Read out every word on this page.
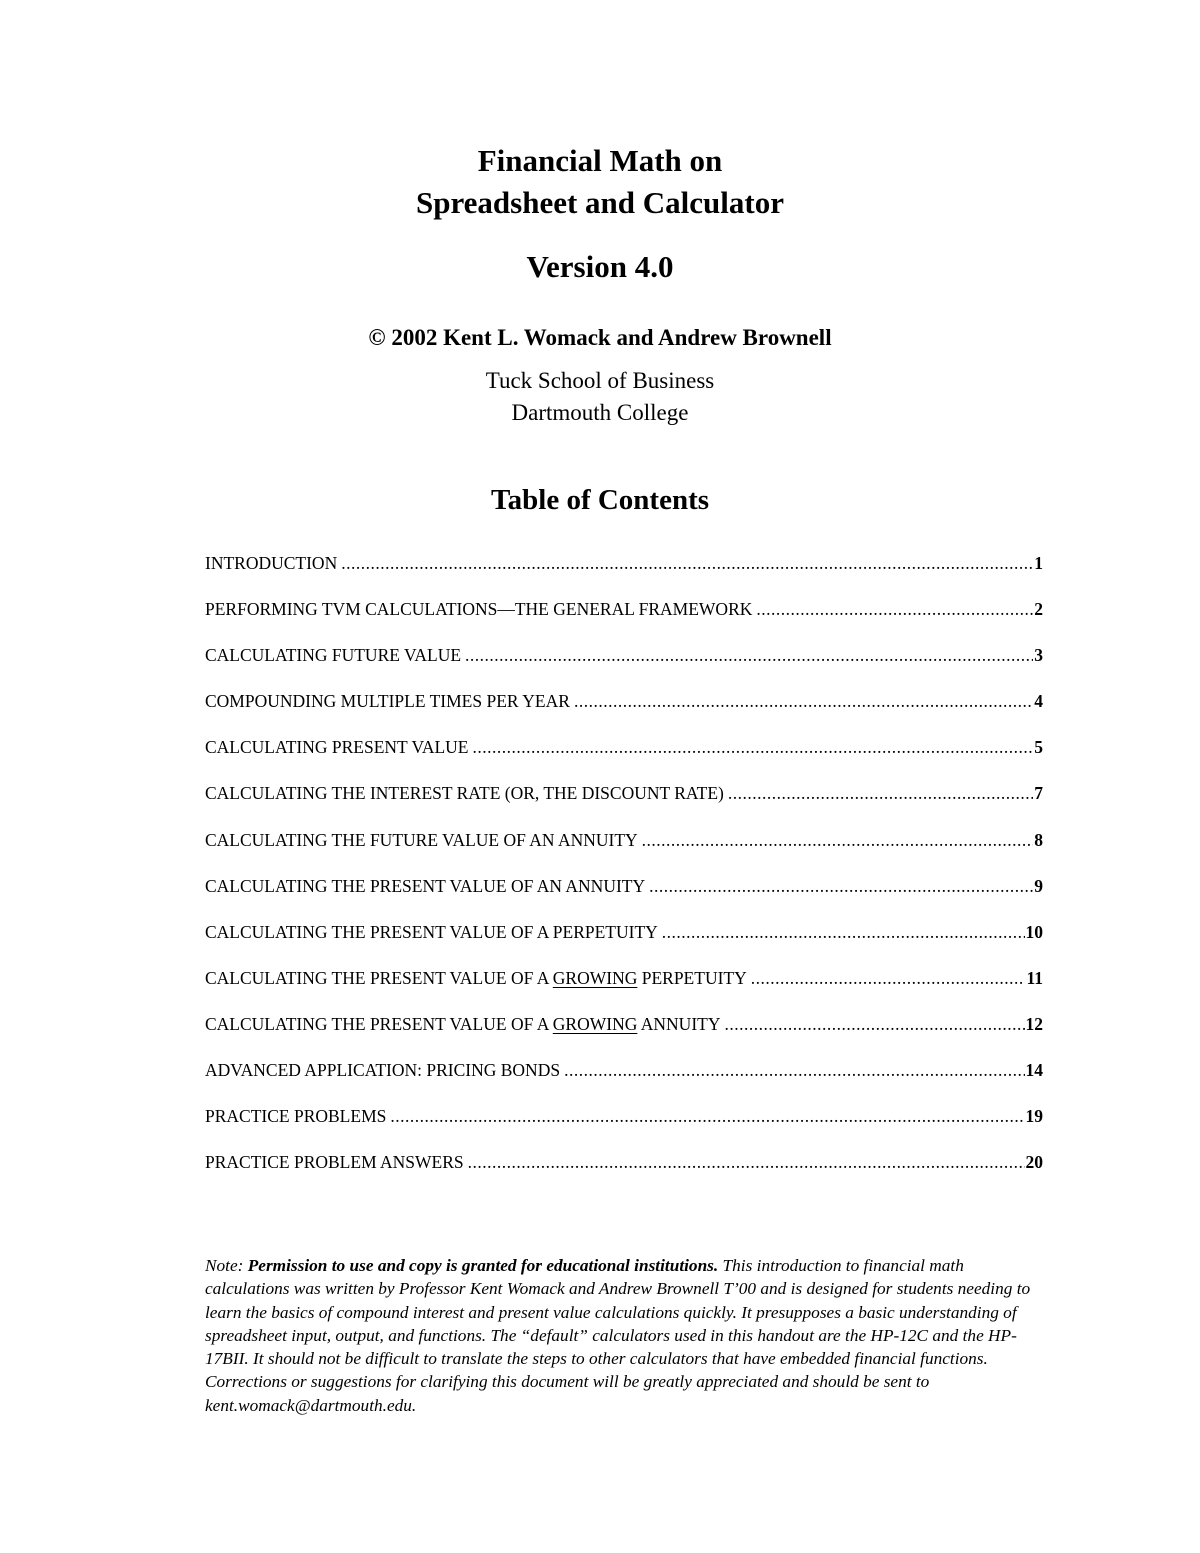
Financial Math on
Spreadsheet and Calculator
Version 4.0
© 2002 Kent L. Womack and Andrew Brownell
Tuck School of Business
Dartmouth College
Table of Contents
INTRODUCTION .....	1
PERFORMING TVM CALCULATIONS—THE GENERAL FRAMEWORK .....	2
CALCULATING FUTURE VALUE .....	3
COMPOUNDING MULTIPLE TIMES PER YEAR .....	4
CALCULATING PRESENT VALUE .....	5
CALCULATING THE INTEREST RATE (OR, THE DISCOUNT RATE) .....	7
CALCULATING THE FUTURE VALUE OF AN ANNUITY .....	8
CALCULATING THE PRESENT VALUE OF AN ANNUITY .....	9
CALCULATING THE PRESENT VALUE OF A PERPETUITY .....	10
CALCULATING THE PRESENT VALUE OF A GROWING PERPETUITY .....	11
CALCULATING THE PRESENT VALUE OF A GROWING ANNUITY .....	12
ADVANCED APPLICATION: PRICING BONDS .....	14
PRACTICE PROBLEMS .....	19
PRACTICE PROBLEM ANSWERS .....	20
Note: Permission to use and copy is granted for educational institutions. This introduction to financial math calculations was written by Professor Kent Womack and Andrew Brownell T’00 and is designed for students needing to learn the basics of compound interest and present value calculations quickly. It presupposes a basic understanding of spreadsheet input, output, and functions. The “default” calculators used in this handout are the HP-12C and the HP-17BII. It should not be difficult to translate the steps to other calculators that have embedded financial functions. Corrections or suggestions for clarifying this document will be greatly appreciated and should be sent to kent.womack@dartmouth.edu.
